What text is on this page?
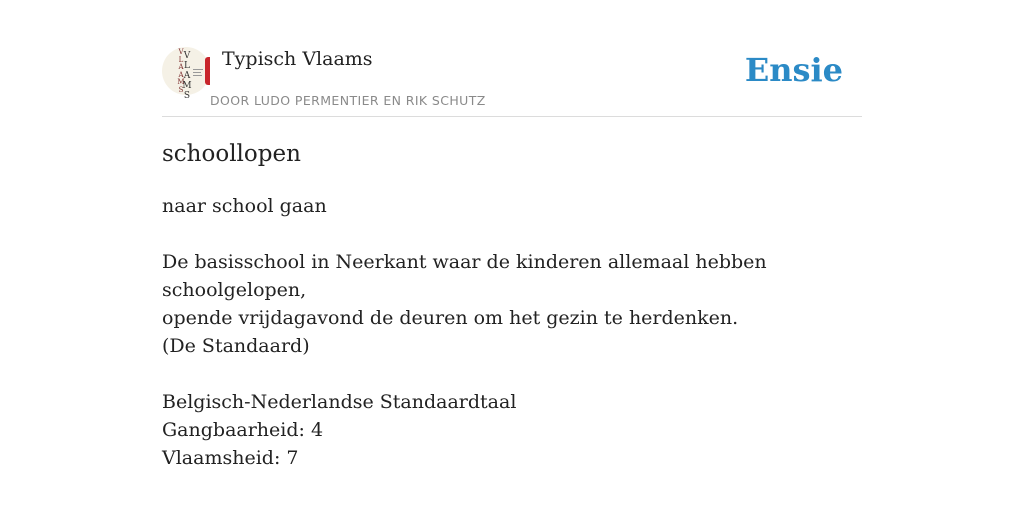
V
L
A
A
M
S
V
L
A
M
S
Typisch Vlaams
DOOR LUDO PERMENTIER EN RIK SCHUTZ
Ensie
schoollopen

naar school gaan

De basisschool in Neerkant waar de kinderen allemaal hebben schoolgelopen,

opende vrijdagavond de deuren om het gezin te herdenken.

(De Standaard)

Belgisch-Nederlandse Standaardtaal

Gangbaarheid: 4

Vlaamsheid: 7
